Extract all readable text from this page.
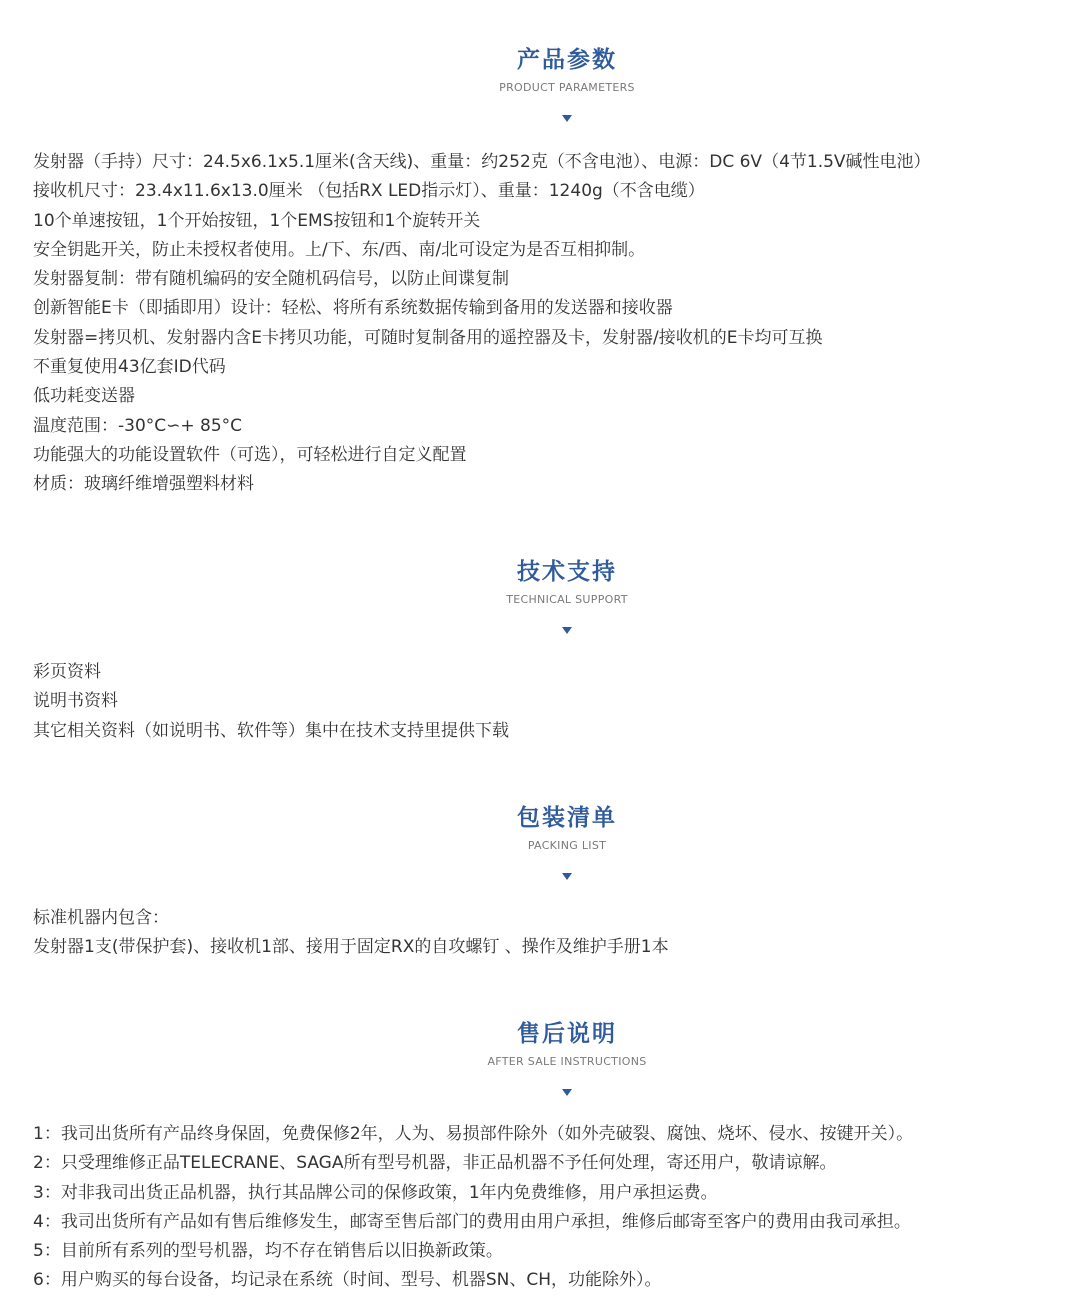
产品参数
PRODUCT PARAMETERS
发射器（手持）尺寸：24.5x6.1x5.1厘米(含天线)、重量：约252克（不含电池）、电源：DC 6V（4节1.5V碱性电池）
接收机尺寸：23.4x11.6x13.0厘米 （包括RX LED指示灯）、重量：1240g（不含电缆）
10个单速按钮，1个开始按钮，1个EMS按钮和1个旋转开关
安全钥匙开关，防止未授权者使用。上/下、东/西、南/北可设定为是否互相抑制。
发射器复制：带有随机编码的安全随机码信号，以防止间谍复制
创新智能E卡（即插即用）设计：轻松、将所有系统数据传输到备用的发送器和接收器
发射器=拷贝机、发射器内含E卡拷贝功能，可随时复制备用的遥控器及卡，发射器/接收机的E卡均可互换
不重复使用43亿套ID代码
低功耗变送器
温度范围：-30°C∽+ 85°C
功能强大的功能设置软件（可选），可轻松进行自定义配置
材质：玻璃纤维增强塑料材料
技术支持
TECHNICAL SUPPORT
彩页资料
说明书资料
其它相关资料（如说明书、软件等）集中在技术支持里提供下载
包装清单
PACKING LIST
标准机器内包含：
发射器1支(带保护套)、接收机1部、接用于固定RX的自攻螺钉 、操作及维护手册1本
售后说明
AFTER SALE INSTRUCTIONS
1：我司出货所有产品终身保固，免费保修2年，人为、易损部件除外（如外壳破裂、腐蚀、烧坏、侵水、按键开关）。
2：只受理维修正品TELECRANE、SAGA所有型号机器，非正品机器不予任何处理，寄还用户，敬请谅解。
3：对非我司出货正品机器，执行其品牌公司的保修政策，1年内免费维修，用户承担运费。
4：我司出货所有产品如有售后维修发生，邮寄至售后部门的费用由用户承担，维修后邮寄至客户的费用由我司承担。
5：目前所有系列的型号机器，均不存在销售后以旧换新政策。
6：用户购买的每台设备，均记录在系统（时间、型号、机器SN、CH，功能除外）。
